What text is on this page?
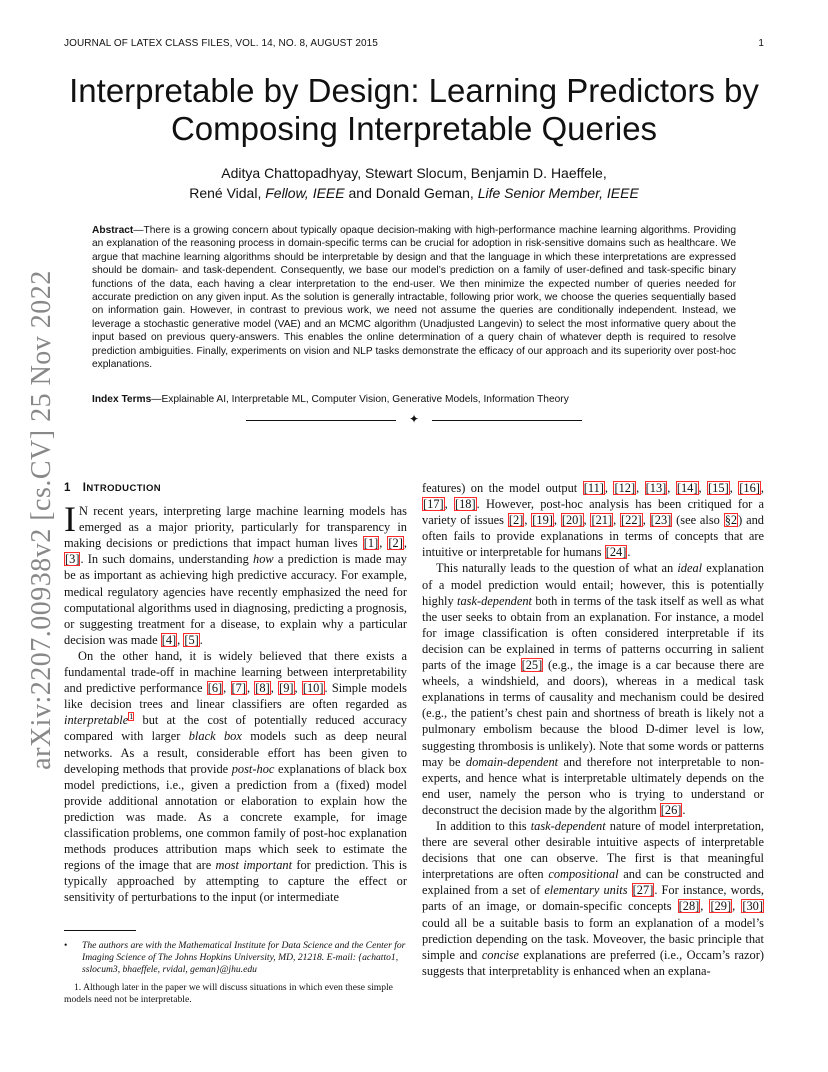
JOURNAL OF LATEX CLASS FILES, VOL. 14, NO. 8, AUGUST 2015	1
arXiv:2207.00938v2 [cs.CV] 25 Nov 2022
Interpretable by Design: Learning Predictors by Composing Interpretable Queries
Aditya Chattopadhyay, Stewart Slocum, Benjamin D. Haeffele,
René Vidal, Fellow, IEEE and Donald Geman, Life Senior Member, IEEE
Abstract—There is a growing concern about typically opaque decision-making with high-performance machine learning algorithms. Providing an explanation of the reasoning process in domain-specific terms can be crucial for adoption in risk-sensitive domains such as healthcare. We argue that machine learning algorithms should be interpretable by design and that the language in which these interpretations are expressed should be domain- and task-dependent. Consequently, we base our model’s prediction on a family of user-defined and task-specific binary functions of the data, each having a clear interpretation to the end-user. We then minimize the expected number of queries needed for accurate prediction on any given input. As the solution is generally intractable, following prior work, we choose the queries sequentially based on information gain. However, in contrast to previous work, we need not assume the queries are conditionally independent. Instead, we leverage a stochastic generative model (VAE) and an MCMC algorithm (Unadjusted Langevin) to select the most informative query about the input based on previous query-answers. This enables the online determination of a query chain of whatever depth is required to resolve prediction ambiguities. Finally, experiments on vision and NLP tasks demonstrate the efficacy of our approach and its superiority over post-hoc explanations.
Index Terms—Explainable AI, Interpretable ML, Computer Vision, Generative Models, Information Theory
✦
1 INTRODUCTION

I N recent years, interpreting large machine learning models has emerged as a major priority, particularly for transparency in making decisions or predictions that impact human lives [1], [2], [3]. In such domains, understanding how a prediction is made may be as important as achieving high predictive accuracy. For example, medical regulatory agencies have recently emphasized the need for computational algorithms used in diagnosing, predicting a prognosis, or suggesting treatment for a disease, to explain why a particular decision was made [4], [5].

On the other hand, it is widely believed that there exists a fundamental trade-off in machine learning between interpretability and predictive performance [6], [7], [8], [9], [10]. Simple models like decision trees and linear classifiers are often regarded as interpretable$^1$ but at the cost of potentially reduced accuracy compared with larger black box models such as deep neural networks. As a result, considerable effort has been given to developing methods that provide post-hoc explanations of black box model predictions, i.e., given a prediction from a (fixed) model provide additional annotation or elaboration to explain how the prediction was made. As a concrete example, for image classification problems, one common family of post-hoc explanation methods produces attribution maps which seek to estimate the regions of the image that are most important for prediction. This is typically approached by attempting to capture the effect or sensitivity of perturbations to the input (or intermediate

features) on the model output [11], [12], [13], [14], [15], [16], [17], [18]. However, post-hoc analysis has been critiqued for a variety of issues [2], [19], [20], [21], [22], [23] (see also §2) and often fails to provide explanations in terms of concepts that are intuitive or interpretable for humans [24].

This naturally leads to the question of what an ideal explanation of a model prediction would entail; however, this is potentially highly task-dependent both in terms of the task itself as well as what the user seeks to obtain from an explanation. For instance, a model for image classification is often considered interpretable if its decision can be explained in terms of patterns occurring in salient parts of the image [25] (e.g., the image is a car because there are wheels, a windshield, and doors), whereas in a medical task explanations in terms of causality and mechanism could be desired (e.g., the patient’s chest pain and shortness of breath is likely not a pulmonary embolism because the blood D-dimer level is low, suggesting thrombosis is unlikely). Note that some words or patterns may be domain-dependent and therefore not interpretable to non-experts, and hence what is interpretable ultimately depends on the end user, namely the person who is trying to understand or deconstruct the decision made by the algorithm [26].

In addition to this task-dependent nature of model interpretation, there are several other desirable intuitive aspects of interpretable decisions that one can observe. The first is that meaningful interpretations are often compositional and can be constructed and explained from a set of elementary units [27]. For instance, words, parts of an image, or domain-specific concepts [28], [29], [30] could all be a suitable basis to form an explanation of a model’s prediction depending on the task. Moveover, the basic principle that simple and concise explanations are preferred (i.e., Occam’s razor) suggests that interpretablity is enhanced when an explana-

• The authors are with the Mathematical Institute for Data Science and the Center for Imaging Science of The Johns Hopkins University, MD, 21218. E-mail: {achatto1, sslocum3, bhaeffele, rvidal, geman}@jhu.edu
1. Although later in the paper we will discuss situations in which even these simple models need not be interpretable.
